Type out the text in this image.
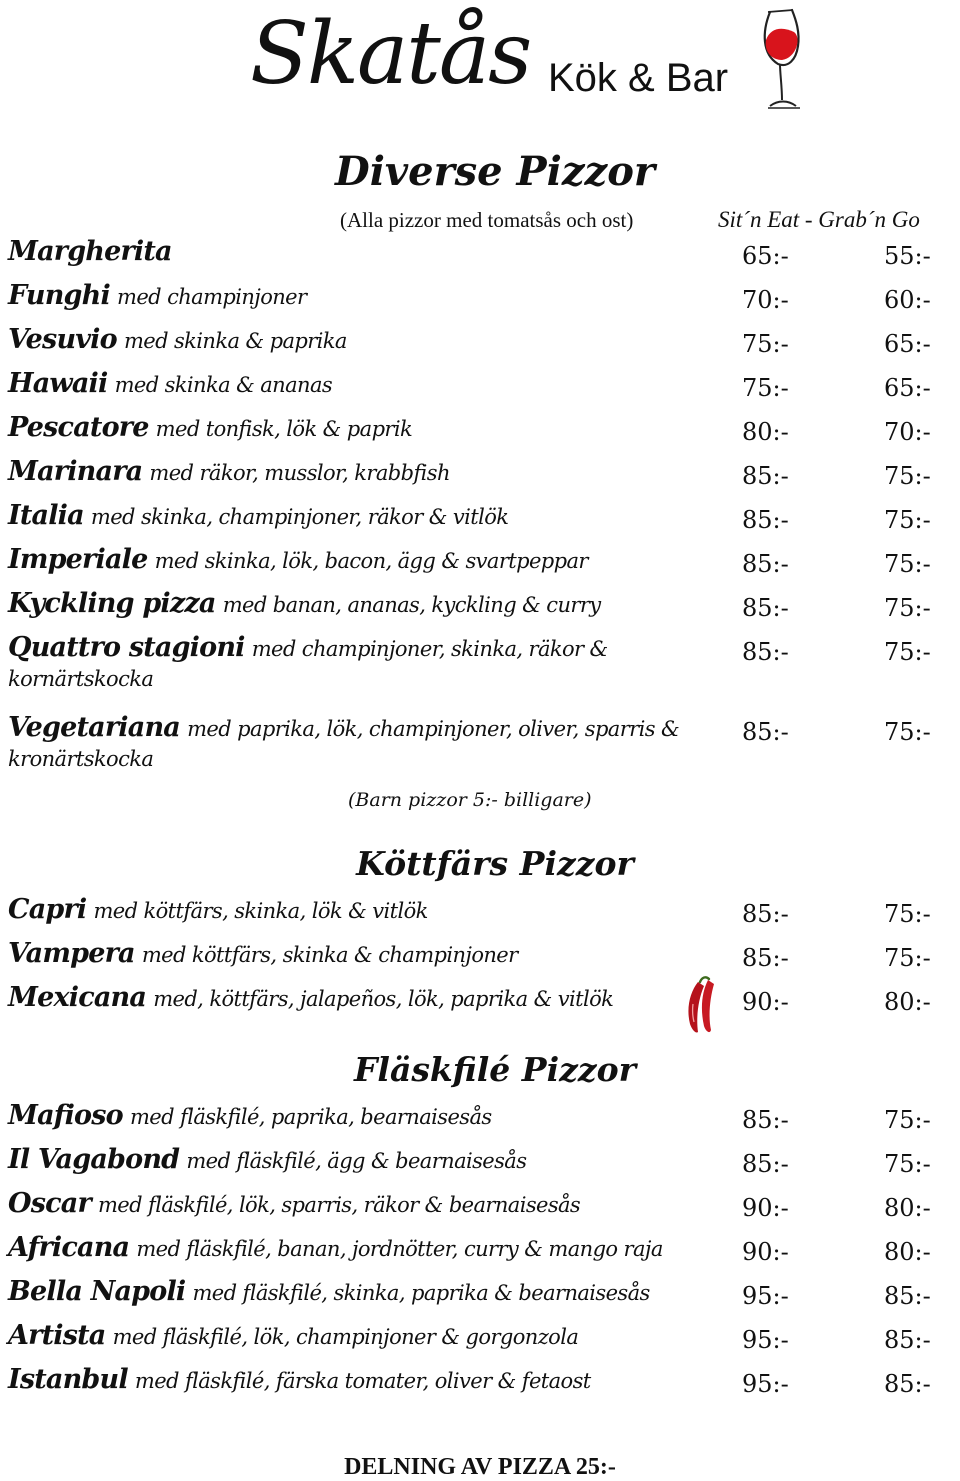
Skatås Kök & Bar
Diverse Pizzor
(Alla pizzor med tomatsås och ost)	Sit´n Eat - Grab´n Go
Margherita	65:-	55:-
Funghi med champinjoner	70:-	60:-
Vesuvio med skinka & paprika	75:-	65:-
Hawaii med skinka & ananas	75:-	65:-
Pescatore med tonfisk, lök & paprik	80:-	70:-
Marinara med räkor, musslor, krabbfish	85:-	75:-
Italia med skinka, champinjoner, räkor & vitlök	85:-	75:-
Imperiale med skinka, lök, bacon, ägg & svartpeppar	85:-	75:-
Kyckling pizza med banan, ananas, kyckling & curry	85:-	75:-
Quattro stagioni med champinjoner, skinka, räkor &
kornärtskocka
85:-	75:-
Vegetariana med paprika, lök, champinjoner, oliver, sparris &
kronärtskocka
85:-	75:-
(Barn pizzor 5:- billigare)
Köttfärs Pizzor
Capri med köttfärs, skinka, lök & vitlök	85:-	75:-
Vampera med köttfärs, skinka & champinjoner	85:-	75:-
Mexicana med, köttfärs, jalapeños, lök, paprika & vitlök	90:-	80:-
Fläskfilé Pizzor
Mafioso med fläskfilé, paprika, bearnaisesås	85:-	75:-
Il Vagabond med fläskfilé, ägg & bearnaisesås	85:-	75:-
Oscar med fläskfilé, lök, sparris, räkor & bearnaisesås	90:-	80:-
Africana med fläskfilé, banan, jordnötter, curry & mango raja	90:-	80:-
Bella Napoli med fläskfilé, skinka, paprika & bearnaisesås	95:-	85:-
Artista med fläskfilé, lök, champinjoner & gorgonzola	95:-	85:-
Istanbul med fläskfilé, färska tomater, oliver & fetaost	95:-	85:-
DELNING AV PIZZA 25:-
